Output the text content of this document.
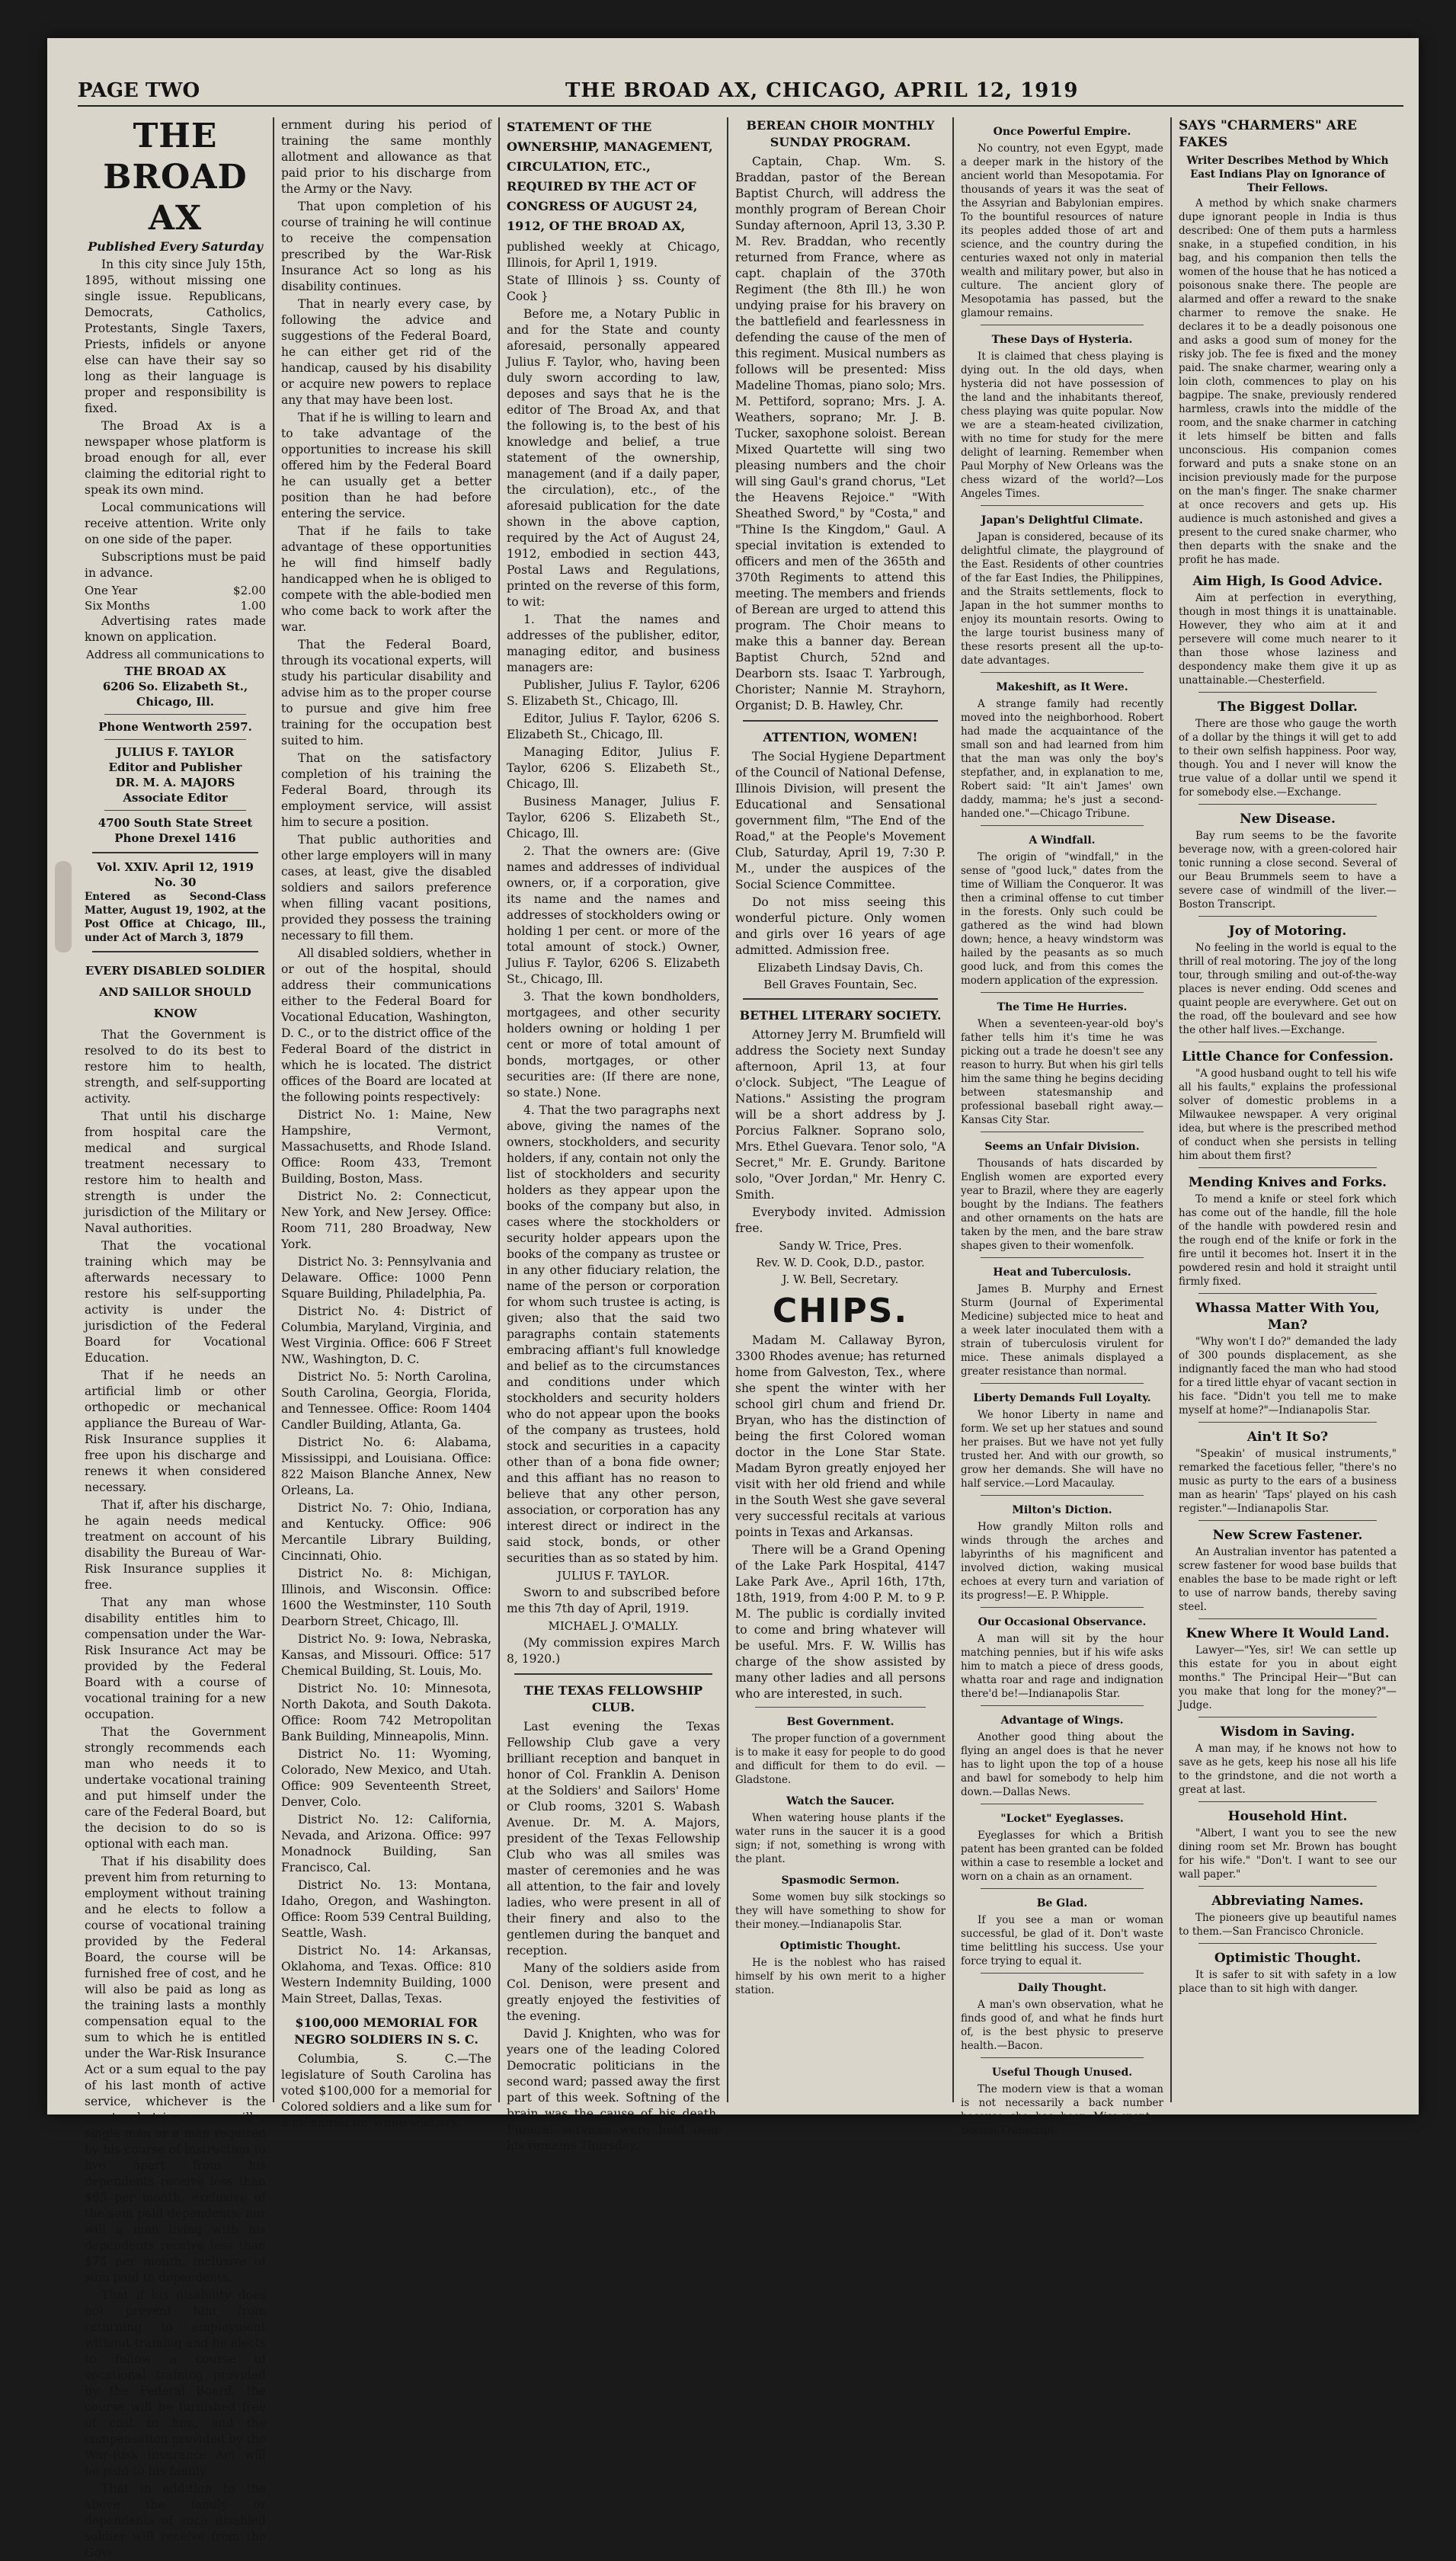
PAGE TWO	THE BROAD AX, CHICAGO, APRIL 12, 1919
THE BROAD AX
Published Every Saturday

In this city since July 15th, 1895, without missing one single issue. Republicans, Democrats, Catholics, Protestants, Single Taxers, Priests, infidels or anyone else can have their say so long as their language is proper and responsibility is fixed.

The Broad Ax is a newspaper whose platform is broad enough for all, ever claiming the editorial right to speak its own mind.

Local communications will receive attention. Write only on one side of the paper.

Subscriptions must be paid in advance.

One Year	$2.00
Six Months	1.00

Advertising rates made known on application.

Address all communications to
THE BROAD AX
6206 So. Elizabeth St., Chicago, Ill.
Phone Wentworth 2597.
JULIUS F. TAYLOR
Editor and Publisher
DR. M. A. MAJORS
Associate Editor
4700 South State Street
Phone Drexel 1416
Vol. XXIV. April 12, 1919 No. 30

Entered as Second-Class Matter, August 19, 1902, at the Post Office at Chicago, Ill., under Act of March 3, 1879

EVERY DISABLED SOLDIER AND SAILLOR SHOULD KNOW

That the Government is resolved to do its best to restore him to health, strength, and self-supporting activity.

That until his discharge from hospital care the medical and surgical treatment necessary to restore him to health and strength is under the jurisdiction of the Military or Naval authorities.

That the vocational training which may be afterwards necessary to restore his self-supporting activity is under the jurisdiction of the Federal Board for Vocational Education.

That if he needs an artificial limb or other orthopedic or mechanical appliance the Bureau of War-Risk Insurance supplies it free upon his discharge and renews it when considered necessary.

That if, after his discharge, he again needs medical treatment on account of his disability the Bureau of War-Risk Insurance supplies it free.

That any man whose disability entitles him to compensation under the War-Risk Insurance Act may be provided by the Federal Board with a course of vocational training for a new occupation.

That the Government strongly recommends each man who needs it to undertake vocational training and put himself under the care of the Federal Board, but the decision to do so is optional with each man.

That if his disability does prevent him from returning to employment without training and he elects to follow a course of vocational training provided by the Federal Board, the course will be furnished free of cost, and he will also be paid as long as the training lasts a monthly compensation equal to the sum to which he is entitled under the War-Risk Insurance Act or a sum equal to the pay of his last month of active service, whichever is the greater, but in no case will a single man or a man required by his course of instruction to live apart from his dependents receive less than $65 per month, exclusive of the sum paid dependents; nor will a man living with his dependents receive less than $75 per month, inclusive of sum paid to dependents.

That if his disability does not prevent him from returning to employment without training and he elects to follow a course of vocational training provided by the Federal Board, the course will be furnished free of cost to him, and the compensation provided by the War-Risk Insurance Act will be paid to his family.

That in addition to the above the family or dependents of such disabled soldier will receive from the Gov-

ernment during his period of training the same monthly allotment and allowance as that paid prior to his discharge from the Army or the Navy.

That upon completion of his course of training he will continue to receive the compensation prescribed by the War-Risk Insurance Act so long as his disability continues.

That in nearly every case, by following the advice and suggestions of the Federal Board, he can either get rid of the handicap, caused by his disability or acquire new powers to replace any that may have been lost.

That if he is willing to learn and to take advantage of the opportunities to increase his skill offered him by the Federal Board he can usually get a better position than he had before entering the service.

That if he fails to take advantage of these opportunities he will find himself badly handicapped when he is obliged to compete with the able-bodied men who come back to work after the war.

That the Federal Board, through its vocational experts, will study his particular disability and advise him as to the proper course to pursue and give him free training for the occupation best suited to him.

That on the satisfactory completion of his training the Federal Board, through its employment service, will assist him to secure a position.

That public authorities and other large employers will in many cases, at least, give the disabled soldiers and sailors preference when filling vacant positions, provided they possess the training necessary to fill them.

All disabled soldiers, whether in or out of the hospital, should address their communications either to the Federal Board for Vocational Education, Washington, D. C., or to the district office of the Federal Board of the district in which he is located. The district offices of the Board are located at the following points respectively:

District No. 1: Maine, New Hampshire, Vermont, Massachusetts, and Rhode Island. Office: Room 433, Tremont Building, Boston, Mass.

District No. 2: Connecticut, New York, and New Jersey. Office: Room 711, 280 Broadway, New York.

District No. 3: Pennsylvania and Delaware. Office: 1000 Penn Square Building, Philadelphia, Pa.

District No. 4: District of Columbia, Maryland, Virginia, and West Virginia. Office: 606 F Street NW., Washington, D. C.

District No. 5: North Carolina, South Carolina, Georgia, Florida, and Tennessee. Office: Room 1404 Candler Building, Atlanta, Ga.

District No. 6: Alabama, Mississippi, and Louisiana. Office: 822 Maison Blanche Annex, New Orleans, La.

District No. 7: Ohio, Indiana, and Kentucky. Office: 906 Mercantile Library Building, Cincinnati, Ohio.

District No. 8: Michigan, Illinois, and Wisconsin. Office: 1600 the Westminster, 110 South Dearborn Street, Chicago, Ill.

District No. 9: Iowa, Nebraska, Kansas, and Missouri. Office: 517 Chemical Building, St. Louis, Mo.

District No. 10: Minnesota, North Dakota, and South Dakota. Office: Room 742 Metropolitan Bank Building, Minneapolis, Minn.

District No. 11: Wyoming, Colorado, New Mexico, and Utah. Office: 909 Seventeenth Street, Denver, Colo.

District No. 12: California, Nevada, and Arizona. Office: 997 Monadnock Building, San Francisco, Cal.

District No. 13: Montana, Idaho, Oregon, and Washington. Office: Room 539 Central Building, Seattle, Wash.

District No. 14: Arkansas, Oklahoma, and Texas. Office: 810 Western Indemnity Building, 1000 Main Street, Dallas, Texas.

$100,000 MEMORIAL FOR NEGRO SOLDIERS IN S. C.

Columbia, S. C.—The legislature of South Carolina has voted $100,000 for a memorial for Colored soldiers and a like sum for a memorial for white soldiers.

STATEMENT OF THE OWNERSHIP, MANAGEMENT, CIRCULATION, ETC., REQUIRED BY THE ACT OF CONGRESS OF AUGUST 24, 1912, OF THE BROAD AX,

published weekly at Chicago, Illinois, for April 1, 1919.

State of Illinois } ss. County of Cook }

Before me, a Notary Public in and for the State and county aforesaid, personally appeared Julius F. Taylor, who, having been duly sworn according to law, deposes and says that he is the editor of The Broad Ax, and that the following is, to the best of his knowledge and belief, a true statement of the ownership, management (and if a daily paper, the circulation), etc., of the aforesaid publication for the date shown in the above caption, required by the Act of August 24, 1912, embodied in section 443, Postal Laws and Regulations, printed on the reverse of this form, to wit:

1. That the names and addresses of the publisher, editor, managing editor, and business managers are:

Publisher, Julius F. Taylor, 6206 S. Elizabeth St., Chicago, Ill.

Editor, Julius F. Taylor, 6206 S. Elizabeth St., Chicago, Ill.

Managing Editor, Julius F. Taylor, 6206 S. Elizabeth St., Chicago, Ill.

Business Manager, Julius F. Taylor, 6206 S. Elizabeth St., Chicago, Ill.

2. That the owners are: (Give names and addresses of individual owners, or, if a corporation, give its name and the names and addresses of stockholders owing or holding 1 per cent. or more of the total amount of stock.) Owner, Julius F. Taylor, 6206 S. Elizabeth St., Chicago, Ill.

3. That the kown bondholders, mortgagees, and other security holders owning or holding 1 per cent or more of total amount of bonds, mortgages, or other securities are: (If there are none, so state.) None.

4. That the two paragraphs next above, giving the names of the owners, stockholders, and security holders, if any, contain not only the list of stockholders and security holders as they appear upon the books of the company but also, in cases where the stockholders or security holder appears upon the books of the company as trustee or in any other fiduciary relation, the name of the person or corporation for whom such trustee is acting, is given; also that the said two paragraphs contain statements embracing affiant's full knowledge and belief as to the circumstances and conditions under which stockholders and security holders who do not appear upon the books of the company as trustees, hold stock and securities in a capacity other than of a bona fide owner; and this affiant has no reason to believe that any other person, association, or corporation has any interest direct or indirect in the said stock, bonds, or other securities than as so stated by him.

JULIUS F. TAYLOR.

Sworn to and subscribed before me this 7th day of April, 1919.

MICHAEL J. O'MALLY.

(My commission expires March 8, 1920.)

THE TEXAS FELLOWSHIP CLUB.

Last evening the Texas Fellowship Club gave a very brilliant reception and banquet in honor of Col. Franklin A. Denison at the Soldiers' and Sailors' Home or Club rooms, 3201 S. Wabash Avenue. Dr. M. A. Majors, president of the Texas Fellowship Club who was all smiles was master of ceremonies and he was all attention, to the fair and lovely ladies, who were present in all of their finery and also to the gentlemen during the banquet and reception.

Many of the soldiers aside from Col. Denison, were present and greatly enjoyed the festivities of the evening.

David J. Knighten, who was for years one of the leading Colored Democratic politicians in the second ward; passed away the first part of this week. Softning of the brain was the cause of his death. Funeral services were held over his remains Thursday.

BEREAN CHOIR MONTHLY SUNDAY PROGRAM.

Captain, Chap. Wm. S. Braddan, pastor of the Berean Baptist Church, will address the monthly program of Berean Choir Sunday afternoon, April 13, 3.30 P. M. Rev. Braddan, who recently returned from France, where as capt. chaplain of the 370th Regiment (the 8th Ill.) he won undying praise for his bravery on the battlefield and fearlessness in defending the cause of the men of this regiment. Musical numbers as follows will be presented: Miss Madeline Thomas, piano solo; Mrs. M. Pettiford, soprano; Mrs. J. A. Weathers, soprano; Mr. J. B. Tucker, saxophone soloist. Berean Mixed Quartette will sing two pleasing numbers and the choir will sing Gaul's grand chorus, "Let the Heavens Rejoice." "With Sheathed Sword," by "Costa," and "Thine Is the Kingdom," Gaul. A special invitation is extended to officers and men of the 365th and 370th Regiments to attend this meeting. The members and friends of Berean are urged to attend this program. The Choir means to make this a banner day. Berean Baptist Church, 52nd and Dearborn sts. Isaac T. Yarbrough, Chorister; Nannie M. Strayhorn, Organist; D. B. Hawley, Chr.

ATTENTION, WOMEN!

The Social Hygiene Department of the Council of National Defense, Illinois Division, will present the Educational and Sensational government film, "The End of the Road," at the People's Movement Club, Saturday, April 19, 7:30 P. M., under the auspices of the Social Science Committee.

Do not miss seeing this wonderful picture. Only women and girls over 16 years of age admitted. Admission free.

Elizabeth Lindsay Davis, Ch.
Bell Graves Fountain, Sec.
BETHEL LITERARY SOCIETY.

Attorney Jerry M. Brumfield will address the Society next Sunday afternoon, April 13, at four o'clock. Subject, "The League of Nations." Assisting the program will be a short address by J. Porcius Falkner. Soprano solo, Mrs. Ethel Guevara. Tenor solo, "A Secret," Mr. E. Grundy. Baritone solo, "Over Jordan," Mr. Henry C. Smith.

Everybody invited. Admission free.

Sandy W. Trice, Pres.
Rev. W. D. Cook, D.D., pastor.
J. W. Bell, Secretary.
CHIPS.

Madam M. Callaway Byron, 3300 Rhodes avenue; has returned home from Galveston, Tex., where she spent the winter with her school girl chum and friend Dr. Bryan, who has the distinction of being the first Colored woman doctor in the Lone Star State. Madam Byron greatly enjoyed her visit with her old friend and while in the South West she gave several very successful recitals at various points in Texas and Arkansas.

There will be a Grand Opening of the Lake Park Hospital, 4147 Lake Park Ave., April 16th, 17th, 18th, 1919, from 4:00 P. M. to 9 P. M. The public is cordially invited to come and bring whatever will be useful. Mrs. F. W. Willis has charge of the show assisted by many other ladies and all persons who are interested, in such.

Best Government.

The proper function of a government is to make it easy for people to do good and difficult for them to do evil. —Gladstone.

Watch the Saucer.

When watering house plants if the water runs in the saucer it is a good sign; if not, something is wrong with the plant.

Spasmodic Sermon.

Some women buy silk stockings so they will have something to show for their money.—Indianapolis Star.

Optimistic Thought.

He is the noblest who has raised himself by his own merit to a higher station.

Once Powerful Empire.

No country, not even Egypt, made a deeper mark in the history of the ancient world than Mesopotamia. For thousands of years it was the seat of the Assyrian and Babylonian empires. To the bountiful resources of nature its peoples added those of art and science, and the country during the centuries waxed not only in material wealth and military power, but also in culture. The ancient glory of Mesopotamia has passed, but the glamour remains.

These Days of Hysteria.

It is claimed that chess playing is dying out. In the old days, when hysteria did not have possession of the land and the inhabitants thereof, chess playing was quite popular. Now we are a steam-heated civilization, with no time for study for the mere delight of learning. Remember when Paul Morphy of New Orleans was the chess wizard of the world?—Los Angeles Times.

Japan's Delightful Climate.

Japan is considered, because of its delightful climate, the playground of the East. Residents of other countries of the far East Indies, the Philippines, and the Straits settlements, flock to Japan in the hot summer months to enjoy its mountain resorts. Owing to the large tourist business many of these resorts present all the up-to-date advantages.

Makeshift, as It Were.

A strange family had recently moved into the neighborhood. Robert had made the acquaintance of the small son and had learned from him that the man was only the boy's stepfather, and, in explanation to me, Robert said: "It ain't James' own daddy, mamma; he's just a second-handed one."—Chicago Tribune.

A Windfall.

The origin of "windfall," in the sense of "good luck," dates from the time of William the Conqueror. It was then a criminal offense to cut timber in the forests. Only such could be gathered as the wind had blown down; hence, a heavy windstorm was hailed by the peasants as so much good luck, and from this comes the modern application of the expression.

The Time He Hurries.

When a seventeen-year-old boy's father tells him it's time he was picking out a trade he doesn't see any reason to hurry. But when his girl tells him the same thing he begins deciding between statesmanship and professional baseball right away.—Kansas City Star.

Seems an Unfair Division.

Thousands of hats discarded by English women are exported every year to Brazil, where they are eagerly bought by the Indians. The feathers and other ornaments on the hats are taken by the men, and the bare straw shapes given to their womenfolk.

Heat and Tuberculosis.

James B. Murphy and Ernest Sturm (Journal of Experimental Medicine) subjected mice to heat and a week later inoculated them with a strain of tuberculosis virulent for mice. These animals displayed a greater resistance than normal.

Liberty Demands Full Loyalty.

We honor Liberty in name and form. We set up her statues and sound her praises. But we have not yet fully trusted her. And with our growth, so grow her demands. She will have no half service.—Lord Macaulay.

Milton's Diction.

How grandly Milton rolls and winds through the arches and labyrinths of his magnificent and involved diction, waking musical echoes at every turn and variation of its progress!—E. P. Whipple.

Our Occasional Observance.

A man will sit by the hour matching pennies, but if his wife asks him to match a piece of dress goods, whatta roar and rage and indignation there'd be!—Indianapolis Star.

Advantage of Wings.

Another good thing about the flying an angel does is that he never has to light upon the top of a house and bawl for somebody to help him down.—Dallas News.

"Locket" Eyeglasses.

Eyeglasses for which a British patent has been granted can be folded within a case to resemble a locket and worn on a chain as an ornament.

Be Glad.

If you see a man or woman successful, be glad of it. Don't waste time belittling his success. Use your force trying to equal it.

Daily Thought.

A man's own observation, what he finds good of, and what he finds hurt of, is the best physic to preserve health.—Bacon.

Useful Though Unused.

The modern view is that a woman is not necessarily a back number because she has been Miss-spent.—Boston Transcript.

SAYS "CHARMERS" ARE FAKES

Writer Describes Method by Which East Indians Play on Ignorance of Their Fellows.

A method by which snake charmers dupe ignorant people in India is thus described: One of them puts a harmless snake, in a stupefied condition, in his bag, and his companion then tells the women of the house that he has noticed a poisonous snake there. The people are alarmed and offer a reward to the snake charmer to remove the snake. He declares it to be a deadly poisonous one and asks a good sum of money for the risky job. The fee is fixed and the money paid. The snake charmer, wearing only a loin cloth, commences to play on his bagpipe. The snake, previously rendered harmless, crawls into the middle of the room, and the snake charmer in catching it lets himself be bitten and falls unconscious. His companion comes forward and puts a snake stone on an incision previously made for the purpose on the man's finger. The snake charmer at once recovers and gets up. His audience is much astonished and gives a present to the cured snake charmer, who then departs with the snake and the profit he has made.

Aim High, Is Good Advice.

Aim at perfection in everything, though in most things it is unattainable. However, they who aim at it and persevere will come much nearer to it than those whose laziness and despondency make them give it up as unattainable.—Chesterfield.

The Biggest Dollar.

There are those who gauge the worth of a dollar by the things it will get to add to their own selfish happiness. Poor way, though. You and I never will know the true value of a dollar until we spend it for somebody else.—Exchange.

New Disease.

Bay rum seems to be the favorite beverage now, with a green-colored hair tonic running a close second. Several of our Beau Brummels seem to have a severe case of windmill of the liver.—Boston Transcript.

Joy of Motoring.

No feeling in the world is equal to the thrill of real motoring. The joy of the long tour, through smiling and out-of-the-way places is never ending. Odd scenes and quaint people are everywhere. Get out on the road, off the boulevard and see how the other half lives.—Exchange.

Little Chance for Confession.

"A good husband ought to tell his wife all his faults," explains the professional solver of domestic problems in a Milwaukee newspaper. A very original idea, but where is the prescribed method of conduct when she persists in telling him about them first?

Mending Knives and Forks.

To mend a knife or steel fork which has come out of the handle, fill the hole of the handle with powdered resin and the rough end of the knife or fork in the fire until it becomes hot. Insert it in the powdered resin and hold it straight until firmly fixed.

Whassa Matter With You, Man?

"Why won't I do?" demanded the lady of 300 pounds displacement, as she indignantly faced the man who had stood for a tired little ehyar of vacant section in his face. "Didn't you tell me to make myself at home?"—Indianapolis Star.

Ain't It So?

"Speakin' of musical instruments," remarked the facetious feller, "there's no music as purty to the ears of a business man as hearin' 'Taps' played on his cash register."—Indianapolis Star.

New Screw Fastener.

An Australian inventor has patented a screw fastener for wood base builds that enables the base to be made right or left to use of narrow bands, thereby saving steel.

Knew Where It Would Land.

Lawyer—"Yes, sir! We can settle up this estate for you in about eight months." The Principal Heir—"But can you make that long for the money?"—Judge.

Wisdom in Saving.

A man may, if he knows not how to save as he gets, keep his nose all his life to the grindstone, and die not worth a great at last.

Household Hint.

"Albert, I want you to see the new dining room set Mr. Brown has bought for his wife." "Don't. I want to see our wall paper."

Abbreviating Names.

The pioneers give up beautiful names to them.—San Francisco Chronicle.

Optimistic Thought.

It is safer to sit with safety in a low place than to sit high with danger.
